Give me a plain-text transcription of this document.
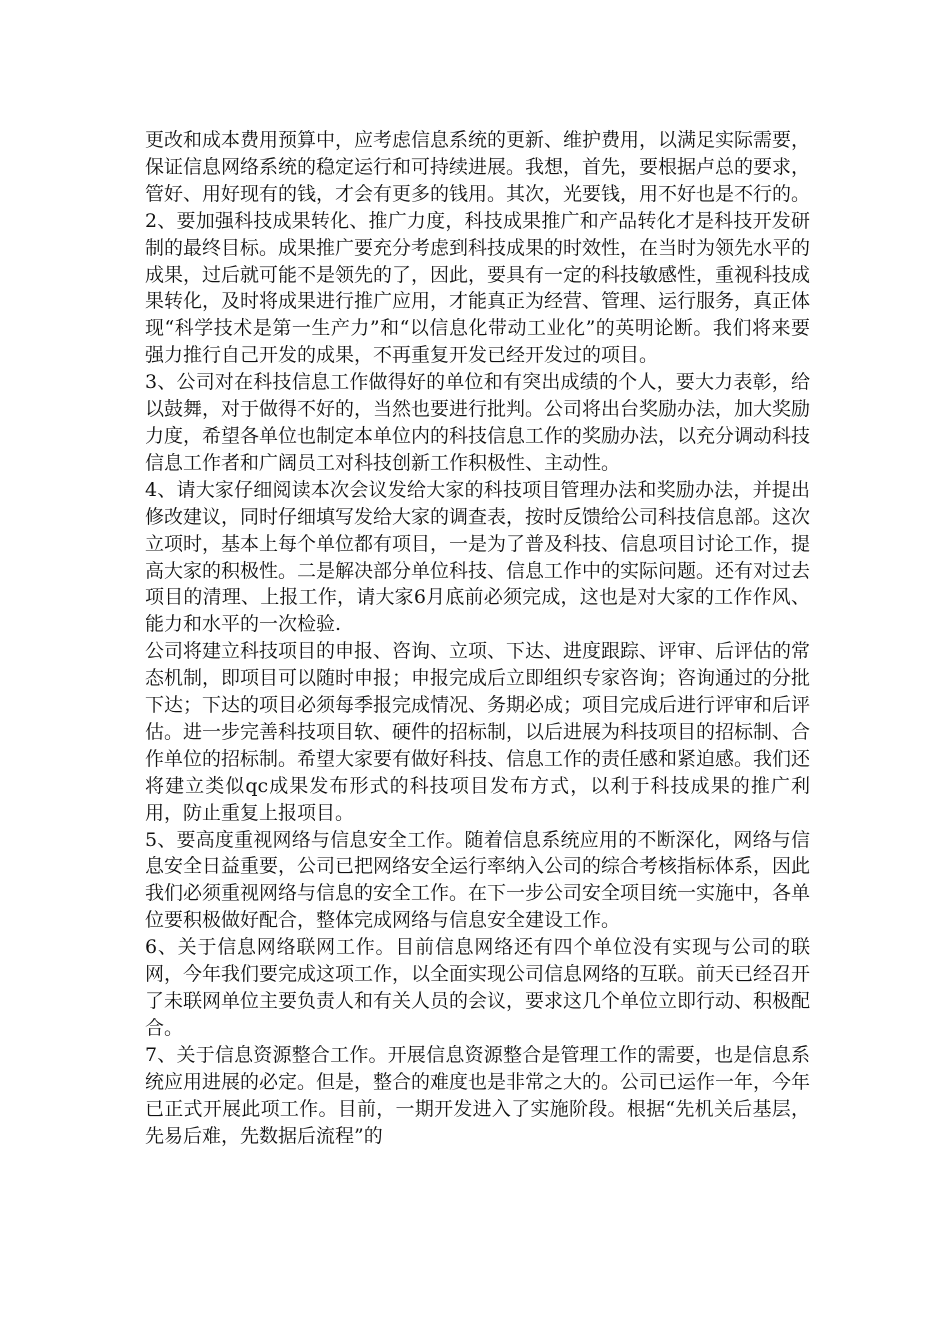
更改和成本费用预算中，应考虑信息系统的更新、维护费用，以满足实际需要，保证信息网络系统的稳定运行和可持续进展。我想，首先，要根据卢总的要求，管好、用好现有的钱，才会有更多的钱用。其次，光要钱，用不好也是不行的。

2、要加强科技成果转化、推广力度，科技成果推广和产品转化才是科技开发研制的最终目标。成果推广要充分考虑到科技成果的时效性，在当时为领先水平的成果，过后就可能不是领先的了，因此，要具有一定的科技敏感性，重视科技成果转化，及时将成果进行推广应用，才能真正为经营、管理、运行服务，真正体现“科学技术是第一生产力”和“以信息化带动工业化”的英明论断。我们将来要强力推行自己开发的成果，不再重复开发已经开发过的项目。

3、公司对在科技信息工作做得好的单位和有突出成绩的个人，要大力表彰，给以鼓舞，对于做得不好的，当然也要进行批判。公司将出台奖励办法，加大奖励力度，希望各单位也制定本单位内的科技信息工作的奖励办法，以充分调动科技信息工作者和广阔员工对科技创新工作积极性、主动性。

4、请大家仔细阅读本次会议发给大家的科技项目管理办法和奖励办法，并提出修改建议，同时仔细填写发给大家的调查表，按时反馈给公司科技信息部。这次立项时，基本上每个单位都有项目，一是为了普及科技、信息项目讨论工作，提高大家的积极性。二是解决部分单位科技、信息工作中的实际问题。还有对过去项目的清理、上报工作，请大家6月底前必须完成，这也是对大家的工作作风、能力和水平的一次检验.

公司将建立科技项目的申报、咨询、立项、下达、进度跟踪、评审、后评估的常态机制，即项目可以随时申报；申报完成后立即组织专家咨询；咨询通过的分批下达；下达的项目必须每季报完成情况、务期必成；项目完成后进行评审和后评估。进一步完善科技项目软、硬件的招标制，以后进展为科技项目的招标制、合作单位的招标制。希望大家要有做好科技、信息工作的责任感和紧迫感。我们还将建立类似qc成果发布形式的科技项目发布方式，以利于科技成果的推广利用，防止重复上报项目。

5、要高度重视网络与信息安全工作。随着信息系统应用的不断深化，网络与信息安全日益重要，公司已把网络安全运行率纳入公司的综合考核指标体系，因此我们必须重视网络与信息的安全工作。在下一步公司安全项目统一实施中，各单位要积极做好配合，整体完成网络与信息安全建设工作。

6、关于信息网络联网工作。目前信息网络还有四个单位没有实现与公司的联网，今年我们要完成这项工作，以全面实现公司信息网络的互联。前天已经召开了未联网单位主要负责人和有关人员的会议，要求这几个单位立即行动、积极配合。

7、关于信息资源整合工作。开展信息资源整合是管理工作的需要，也是信息系统应用进展的必定。但是，整合的难度也是非常之大的。公司已运作一年，今年已正式开展此项工作。目前，一期开发进入了实施阶段。根据“先机关后基层，先易后难，先数据后流程”的
